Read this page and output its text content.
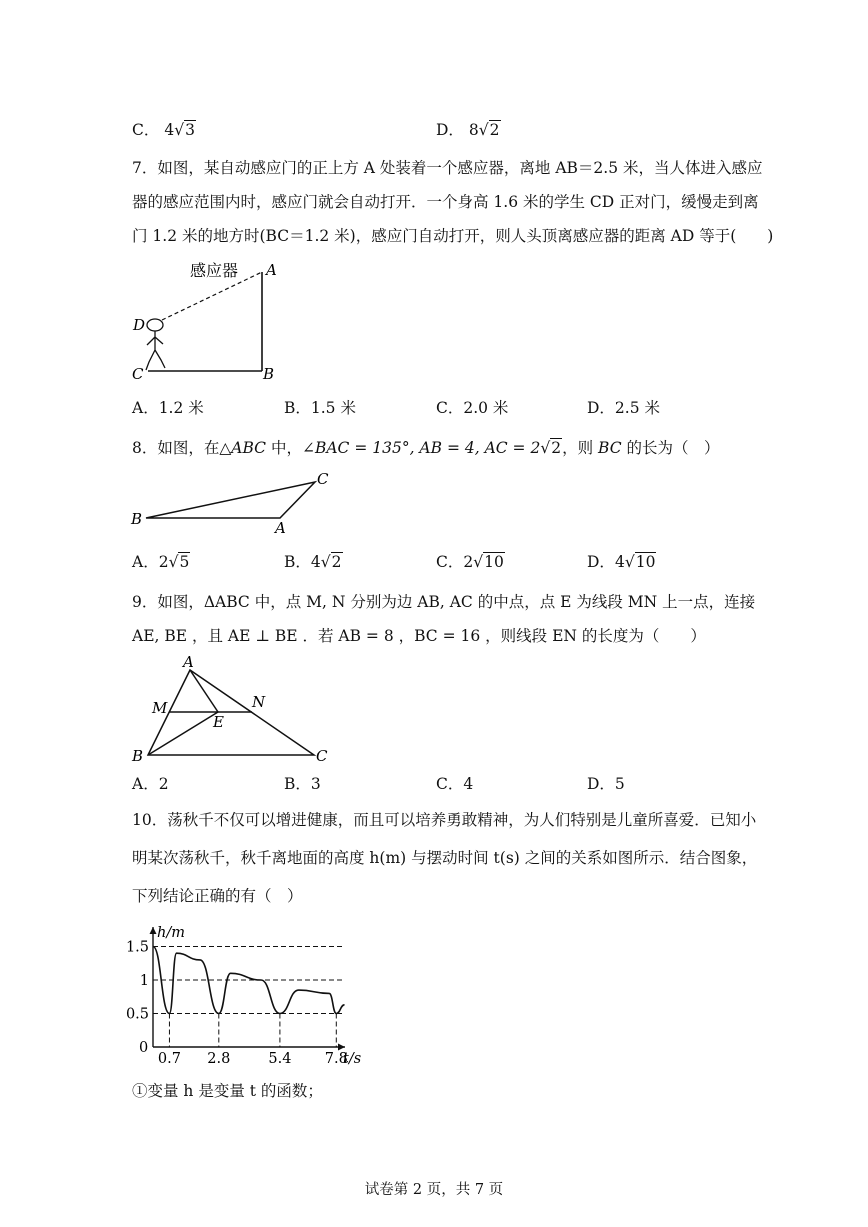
C． 4√3	D． 8√2
7．如图，某自动感应门的正上方 A 处装着一个感应器，离地 AB＝2.5 米，当人体进入感应
器的感应范围内时，感应门就会自动打开．一个身高 1.6 米的学生 CD 正对门，缓慢走到离
门 1.2 米的地方时(BC＝1.2 米)，感应门自动打开，则人头顶离感应器的距离 AD 等于(　　)
感应器 A
B
C
D
A．1.2 米	B．1.5 米	C．2.0 米	D．2.5 米
8．如图，在△ABC 中，∠BAC = 135°, AB = 4, AC = 2√2，则 BC 的长为（　）
B	A
C
A．2√5	B．4√2	C．2√10	D．4√10
9．如图，ΔABC 中，点 M, N 分别为边 AB, AC 的中点，点 E 为线段 MN 上一点，连接
AE, BE ，且 AE ⊥ BE ．若 AB = 8 ，BC = 16 ，则线段 EN 的长度为（　　）
A
M	N
E
B	C
A．2	B．3	C．4	D．5
10．荡秋千不仅可以增进健康，而且可以培养勇敢精神，为人们特别是儿童所喜爱．已知小
明某次荡秋千，秋千离地面的高度 h(m) 与摆动时间 t(s) 之间的关系如图所示．结合图象，
下列结论正确的有（　）
0.7 2.8	5.4 7.8
0.5
1
1.5
0
t/s
h/m
①变量 h 是变量 t 的函数；
试卷第 2 页，共 7 页
